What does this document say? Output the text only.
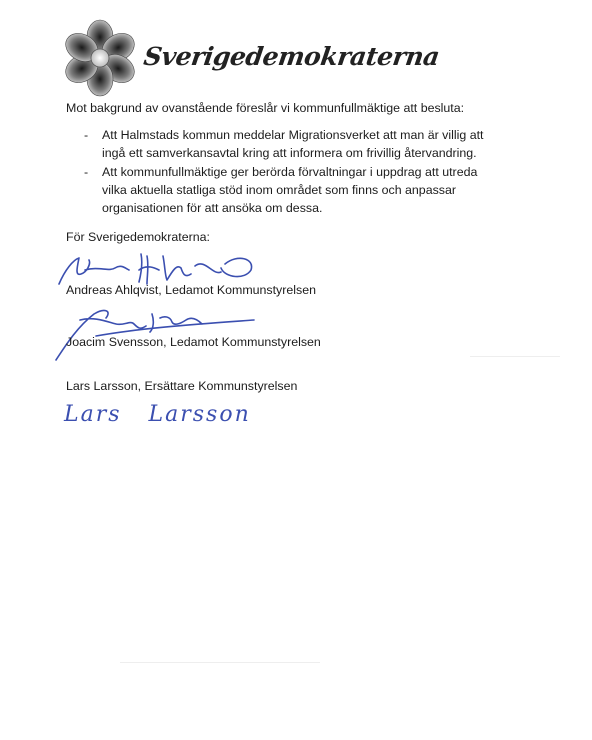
Sverigedemokraterna
Mot bakgrund av ovanstående föreslår vi kommunfullmäktige att besluta:
- Att Halmstads kommun meddelar Migrationsverket att man är villig att
ingå ett samverkansavtal kring att informera om frivillig återvandring.
- Att kommunfullmäktige ger berörda förvaltningar i uppdrag att utreda
vilka aktuella statliga stöd inom området som finns och anpassar
organisationen för att ansöka om dessa.
För Sverigedemokraterna:
Andreas Ahlqvist, Ledamot Kommunstyrelsen
Joacim Svensson, Ledamot Kommunstyrelsen
Lars Larsson, Ersättare Kommunstyrelsen
Lars Larsson
